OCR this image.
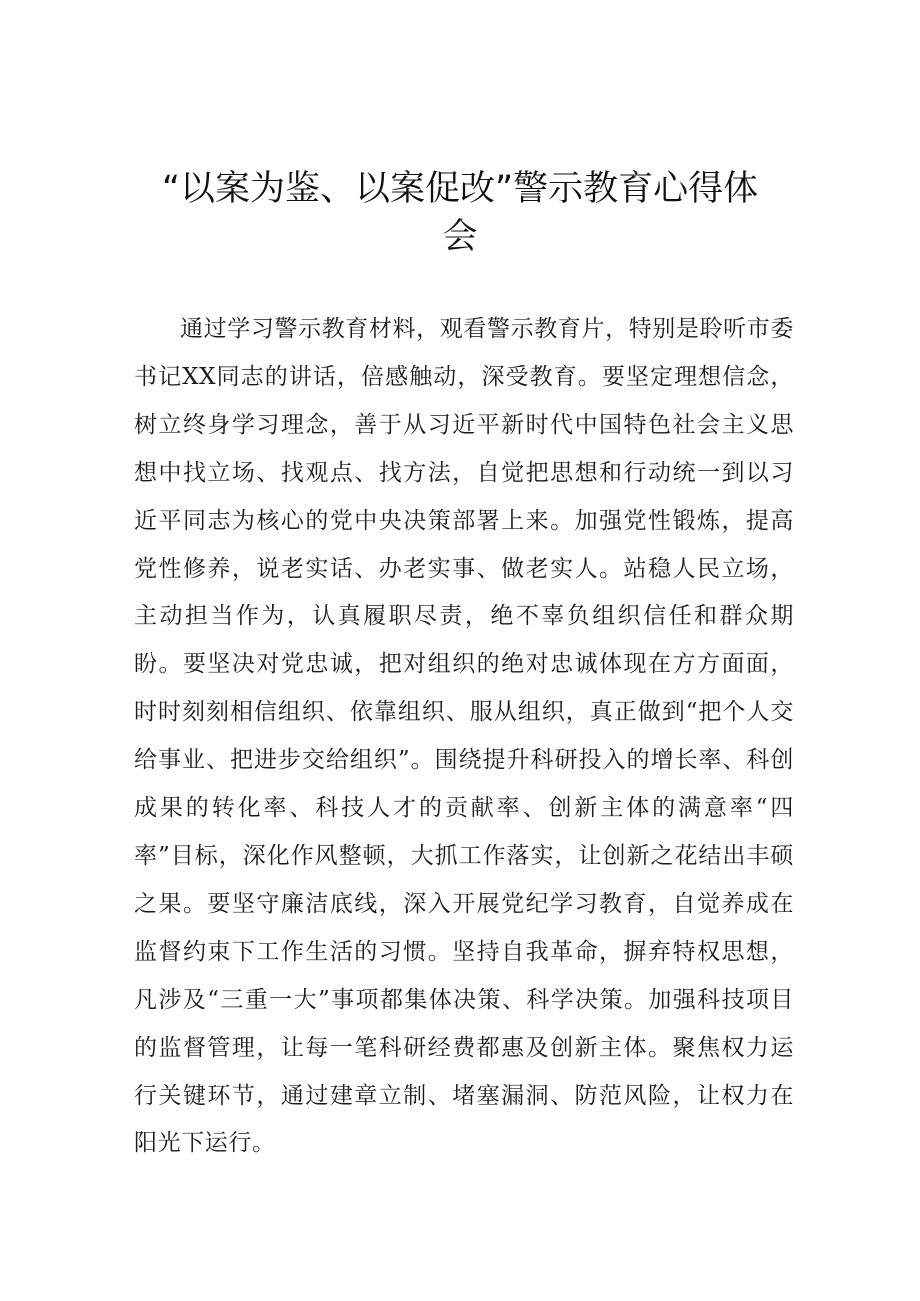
“以案为鉴、以案促改”警示教育心得体会

通过学习警示教育材料，观看警示教育片，特别是聆听市委书记XX同志的讲话，倍感触动，深受教育。要坚定理想信念，树立终身学习理念，善于从习近平新时代中国特色社会主义思想中找立场、找观点、找方法，自觉把思想和行动统一到以习近平同志为核心的党中央决策部署上来。加强党性锻炼，提高党性修养，说老实话、办老实事、做老实人。站稳人民立场，主动担当作为，认真履职尽责，绝不辜负组织信任和群众期盼。要坚决对党忠诚，把对组织的绝对忠诚体现在方方面面，时时刻刻相信组织、依靠组织、服从组织，真正做到“把个人交给事业、把进步交给组织”。围绕提升科研投入的增长率、科创成果的转化率、科技人才的贡献率、创新主体的满意率“四率”目标，深化作风整顿，大抓工作落实，让创新之花结出丰硕之果。要坚守廉洁底线，深入开展党纪学习教育，自觉养成在监督约束下工作生活的习惯。坚持自我革命，摒弃特权思想，凡涉及“三重一大”事项都集体决策、科学决策。加强科技项目的监督管理，让每一笔科研经费都惠及创新主体。聚焦权力运行关键环节，通过建章立制、堵塞漏洞、防范风险，让权力在阳光下运行。
